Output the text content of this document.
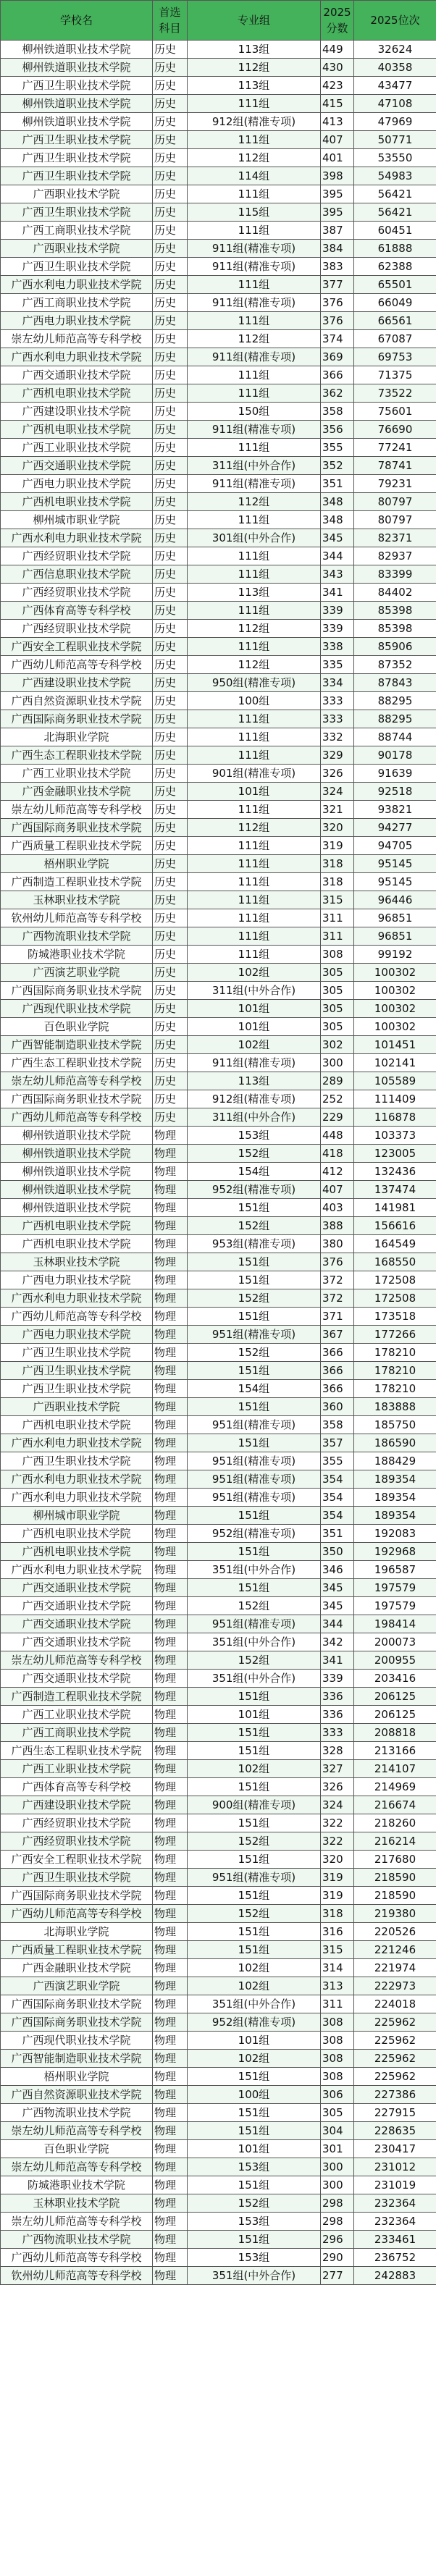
学校名	首选科目	专业组	2025分数	2025位次
柳州铁道职业技术学院	历史	113组	449	32624
柳州铁道职业技术学院	历史	112组	430	40358
广西卫生职业技术学院	历史	113组	423	43477
柳州铁道职业技术学院	历史	111组	415	47108
柳州铁道职业技术学院	历史	912组(精准专项)	413	47969
广西卫生职业技术学院	历史	111组	407	50771
广西卫生职业技术学院	历史	112组	401	53550
广西卫生职业技术学院	历史	114组	398	54983
广西职业技术学院	历史	111组	395	56421
广西卫生职业技术学院	历史	115组	395	56421
广西工商职业技术学院	历史	111组	387	60451
广西职业技术学院	历史	911组(精准专项)	384	61888
广西卫生职业技术学院	历史	911组(精准专项)	383	62388
广西水利电力职业技术学院	历史	111组	377	65501
广西工商职业技术学院	历史	911组(精准专项)	376	66049
广西电力职业技术学院	历史	111组	376	66561
崇左幼儿师范高等专科学校	历史	112组	374	67087
广西水利电力职业技术学院	历史	911组(精准专项)	369	69753
广西交通职业技术学院	历史	111组	366	71375
广西机电职业技术学院	历史	111组	362	73522
广西建设职业技术学院	历史	150组	358	75601
广西机电职业技术学院	历史	911组(精准专项)	356	76690
广西工业职业技术学院	历史	111组	355	77241
广西交通职业技术学院	历史	311组(中外合作)	352	78741
广西电力职业技术学院	历史	911组(精准专项)	351	79231
广西机电职业技术学院	历史	112组	348	80797
柳州城市职业学院	历史	111组	348	80797
广西水利电力职业技术学院	历史	301组(中外合作)	345	82371
广西经贸职业技术学院	历史	111组	344	82937
广西信息职业技术学院	历史	111组	343	83399
广西经贸职业技术学院	历史	113组	341	84402
广西体育高等专科学校	历史	111组	339	85398
广西经贸职业技术学院	历史	112组	339	85398
广西安全工程职业技术学院	历史	111组	338	85906
广西幼儿师范高等专科学校	历史	112组	335	87352
广西建设职业技术学院	历史	950组(精准专项)	334	87843
广西自然资源职业技术学院	历史	100组	333	88295
广西国际商务职业技术学院	历史	111组	333	88295
北海职业学院	历史	111组	332	88744
广西生态工程职业技术学院	历史	111组	329	90178
广西工业职业技术学院	历史	901组(精准专项)	326	91639
广西金融职业技术学院	历史	101组	324	92518
崇左幼儿师范高等专科学校	历史	111组	321	93821
广西国际商务职业技术学院	历史	112组	320	94277
广西质量工程职业技术学院	历史	111组	319	94705
梧州职业学院	历史	111组	318	95145
广西制造工程职业技术学院	历史	111组	318	95145
玉林职业技术学院	历史	111组	315	96446
钦州幼儿师范高等专科学校	历史	111组	311	96851
广西物流职业技术学院	历史	111组	311	96851
防城港职业技术学院	历史	111组	308	99192
广西演艺职业学院	历史	102组	305	100302
广西国际商务职业技术学院	历史	311组(中外合作)	305	100302
广西现代职业技术学院	历史	101组	305	100302
百色职业学院	历史	101组	305	100302
广西智能制造职业技术学院	历史	102组	302	101451
广西生态工程职业技术学院	历史	911组(精准专项)	300	102141
崇左幼儿师范高等专科学校	历史	113组	289	105589
广西国际商务职业技术学院	历史	912组(精准专项)	252	111409
广西幼儿师范高等专科学校	历史	311组(中外合作)	229	116878
柳州铁道职业技术学院	物理	153组	448	103373
柳州铁道职业技术学院	物理	152组	418	123005
柳州铁道职业技术学院	物理	154组	412	132436
柳州铁道职业技术学院	物理	952组(精准专项)	407	137474
柳州铁道职业技术学院	物理	151组	403	141981
广西机电职业技术学院	物理	152组	388	156616
广西机电职业技术学院	物理	953组(精准专项)	380	164549
玉林职业技术学院	物理	151组	376	168550
广西电力职业技术学院	物理	151组	372	172508
广西水利电力职业技术学院	物理	152组	372	172508
广西幼儿师范高等专科学校	物理	151组	371	173518
广西电力职业技术学院	物理	951组(精准专项)	367	177266
广西卫生职业技术学院	物理	152组	366	178210
广西卫生职业技术学院	物理	151组	366	178210
广西卫生职业技术学院	物理	154组	366	178210
广西职业技术学院	物理	151组	360	183888
广西机电职业技术学院	物理	951组(精准专项)	358	185750
广西水利电力职业技术学院	物理	151组	357	186590
广西卫生职业技术学院	物理	951组(精准专项)	355	188429
广西水利电力职业技术学院	物理	951组(精准专项)	354	189354
广西水利电力职业技术学院	物理	951组(精准专项)	354	189354
柳州城市职业学院	物理	151组	354	189354
广西机电职业技术学院	物理	952组(精准专项)	351	192083
广西机电职业技术学院	物理	151组	350	192968
广西水利电力职业技术学院	物理	351组(中外合作)	346	196587
广西交通职业技术学院	物理	151组	345	197579
广西交通职业技术学院	物理	152组	345	197579
广西交通职业技术学院	物理	951组(精准专项)	344	198414
广西交通职业技术学院	物理	351组(中外合作)	342	200073
崇左幼儿师范高等专科学校	物理	152组	341	200955
广西交通职业技术学院	物理	351组(中外合作)	339	203416
广西制造工程职业技术学院	物理	151组	336	206125
广西工业职业技术学院	物理	101组	336	206125
广西工商职业技术学院	物理	151组	333	208818
广西生态工程职业技术学院	物理	151组	328	213166
广西工业职业技术学院	物理	102组	327	214107
广西体育高等专科学校	物理	151组	326	214969
广西建设职业技术学院	物理	900组(精准专项)	324	216674
广西经贸职业技术学院	物理	151组	322	218260
广西经贸职业技术学院	物理	152组	322	216214
广西安全工程职业技术学院	物理	151组	320	217680
广西卫生职业技术学院	物理	951组(精准专项)	319	218590
广西国际商务职业技术学院	物理	151组	319	218590
广西幼儿师范高等专科学校	物理	152组	318	219380
北海职业学院	物理	151组	316	220526
广西质量工程职业技术学院	物理	151组	315	221246
广西金融职业技术学院	物理	102组	314	221974
广西演艺职业学院	物理	102组	313	222973
广西国际商务职业技术学院	物理	351组(中外合作)	311	224018
广西国际商务职业技术学院	物理	952组(精准专项)	308	225962
广西现代职业技术学院	物理	101组	308	225962
广西智能制造职业技术学院	物理	102组	308	225962
梧州职业学院	物理	151组	308	225962
广西自然资源职业技术学院	物理	100组	306	227386
广西物流职业技术学院	物理	151组	305	227915
崇左幼儿师范高等专科学校	物理	151组	304	228635
百色职业学院	物理	101组	301	230417
崇左幼儿师范高等专科学校	物理	153组	300	231012
防城港职业技术学院	物理	151组	300	231019
玉林职业技术学院	物理	152组	298	232364
崇左幼儿师范高等专科学校	物理	153组	298	232364
广西物流职业技术学院	物理	151组	296	233461
广西幼儿师范高等专科学校	物理	153组	290	236752
钦州幼儿师范高等专科学校	物理	351组(中外合作)	277	242883
